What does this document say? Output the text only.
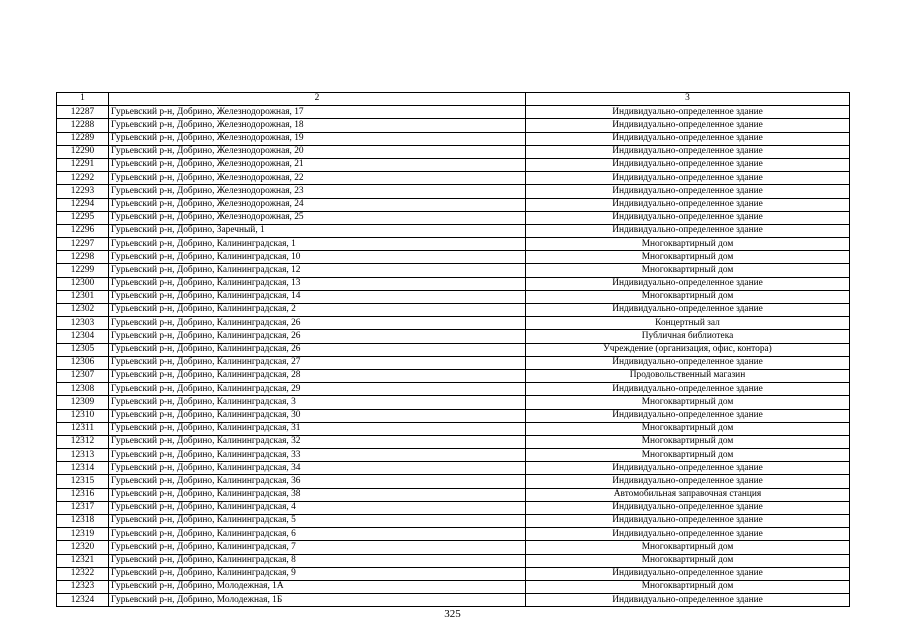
1	2	3
12287	Гурьевский р-н, Добрино, Железнодорожная, 17	Индивидуально-определенное здание
12288	Гурьевский р-н, Добрино, Железнодорожная, 18	Индивидуально-определенное здание
12289	Гурьевский р-н, Добрино, Железнодорожная, 19	Индивидуально-определенное здание
12290	Гурьевский р-н, Добрино, Железнодорожная, 20	Индивидуально-определенное здание
12291	Гурьевский р-н, Добрино, Железнодорожная, 21	Индивидуально-определенное здание
12292	Гурьевский р-н, Добрино, Железнодорожная, 22	Индивидуально-определенное здание
12293	Гурьевский р-н, Добрино, Железнодорожная, 23	Индивидуально-определенное здание
12294	Гурьевский р-н, Добрино, Железнодорожная, 24	Индивидуально-определенное здание
12295	Гурьевский р-н, Добрино, Железнодорожная, 25	Индивидуально-определенное здание
12296	Гурьевский р-н, Добрино, Заречный, 1	Индивидуально-определенное здание
12297	Гурьевский р-н, Добрино, Калининградская, 1	Многоквартирный дом
12298	Гурьевский р-н, Добрино, Калининградская, 10	Многоквартирный дом
12299	Гурьевский р-н, Добрино, Калининградская, 12	Многоквартирный дом
12300	Гурьевский р-н, Добрино, Калининградская, 13	Индивидуально-определенное здание
12301	Гурьевский р-н, Добрино, Калининградская, 14	Многоквартирный дом
12302	Гурьевский р-н, Добрино, Калининградская, 2	Индивидуально-определенное здание
12303	Гурьевский р-н, Добрино, Калининградская, 26	Концертный зал
12304	Гурьевский р-н, Добрино, Калининградская, 26	Публичная библиотека
12305	Гурьевский р-н, Добрино, Калининградская, 26	Учреждение (организация, офис, контора)
12306	Гурьевский р-н, Добрино, Калининградская, 27	Индивидуально-определенное здание
12307	Гурьевский р-н, Добрино, Калининградская, 28	Продовольственный магазин
12308	Гурьевский р-н, Добрино, Калининградская, 29	Индивидуально-определенное здание
12309	Гурьевский р-н, Добрино, Калининградская, 3	Многоквартирный дом
12310	Гурьевский р-н, Добрино, Калининградская, 30	Индивидуально-определенное здание
12311	Гурьевский р-н, Добрино, Калининградская, 31	Многоквартирный дом
12312	Гурьевский р-н, Добрино, Калининградская, 32	Многоквартирный дом
12313	Гурьевский р-н, Добрино, Калининградская, 33	Многоквартирный дом
12314	Гурьевский р-н, Добрино, Калининградская, 34	Индивидуально-определенное здание
12315	Гурьевский р-н, Добрино, Калининградская, 36	Индивидуально-определенное здание
12316	Гурьевский р-н, Добрино, Калининградская, 38	Автомобильная заправочная станция
12317	Гурьевский р-н, Добрино, Калининградская, 4	Индивидуально-определенное здание
12318	Гурьевский р-н, Добрино, Калининградская, 5	Индивидуально-определенное здание
12319	Гурьевский р-н, Добрино, Калининградская, 6	Индивидуально-определенное здание
12320	Гурьевский р-н, Добрино, Калининградская, 7	Многоквартирный дом
12321	Гурьевский р-н, Добрино, Калининградская, 8	Многоквартирный дом
12322	Гурьевский р-н, Добрино, Калининградская, 9	Индивидуально-определенное здание
12323	Гурьевский р-н, Добрино, Молодежная, 1А	Многоквартирный дом
12324	Гурьевский р-н, Добрино, Молодежная, 1Б	Индивидуально-определенное здание
325
